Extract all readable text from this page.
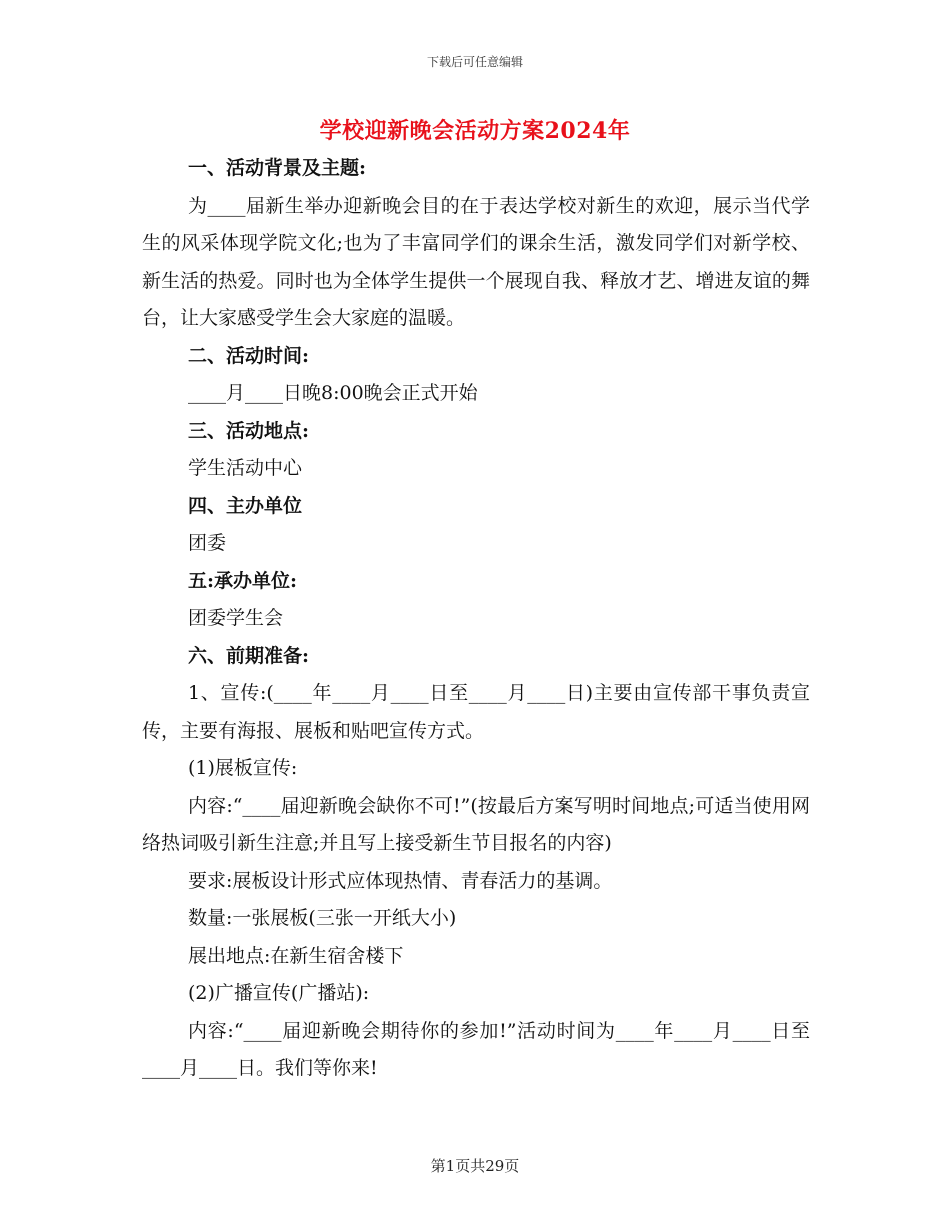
下载后可任意编辑
学校迎新晚会活动方案2024年

一、活动背景及主题:

为____届新生举办迎新晚会目的在于表达学校对新生的欢迎，展示当代学生的风采体现学院文化;也为了丰富同学们的课余生活，激发同学们对新学校、新生活的热爱。同时也为全体学生提供一个展现自我、释放才艺、增进友谊的舞台，让大家感受学生会大家庭的温暖。

二、活动时间:

____月____日晚8:00晚会正式开始

三、活动地点:

学生活动中心

四、主办单位

团委

五:承办单位:

团委学生会

六、前期准备:

1、宣传:(____年____月____日至____月____日)主要由宣传部干事负责宣传，主要有海报、展板和贴吧宣传方式。

(1)展板宣传:

内容:“____届迎新晚会缺你不可!”(按最后方案写明时间地点;可适当使用网络热词吸引新生注意;并且写上接受新生节目报名的内容)

要求:展板设计形式应体现热情、青春活力的基调。

数量:一张展板(三张一开纸大小)

展出地点:在新生宿舍楼下

(2)广播宣传(广播站):

内容:“____届迎新晚会期待你的参加!”活动时间为____年____月____日至____月____日。我们等你来!

第1页共29页
